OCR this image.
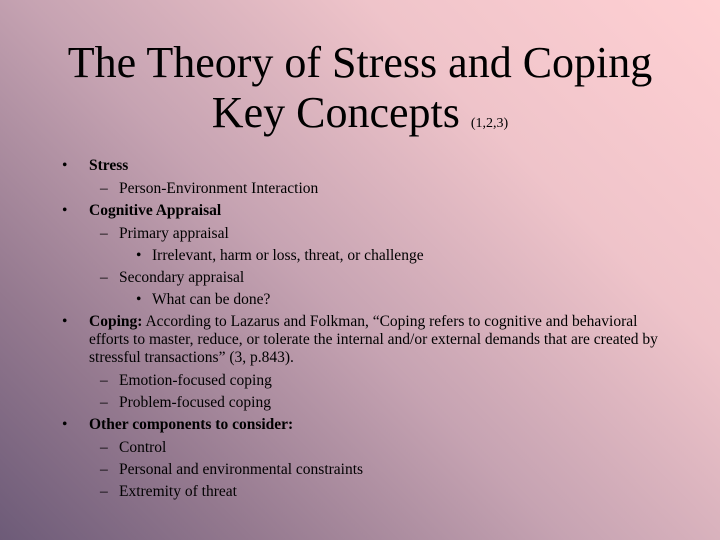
The Theory of Stress and Coping
Key Concepts (1,2,3)
• Stress
– Person-Environment Interaction
• Cognitive Appraisal
– Primary appraisal
• Irrelevant, harm or loss, threat, or challenge
– Secondary appraisal
• What can be done?
• Coping: According to Lazarus and Folkman, “Coping refers to cognitive and behavioral efforts to master, reduce, or tolerate the internal and/or external demands that are created by stressful transactions” (3, p.843).
– Emotion-focused coping
– Problem-focused coping
• Other components to consider:
– Control
– Personal and environmental constraints
– Extremity of threat
